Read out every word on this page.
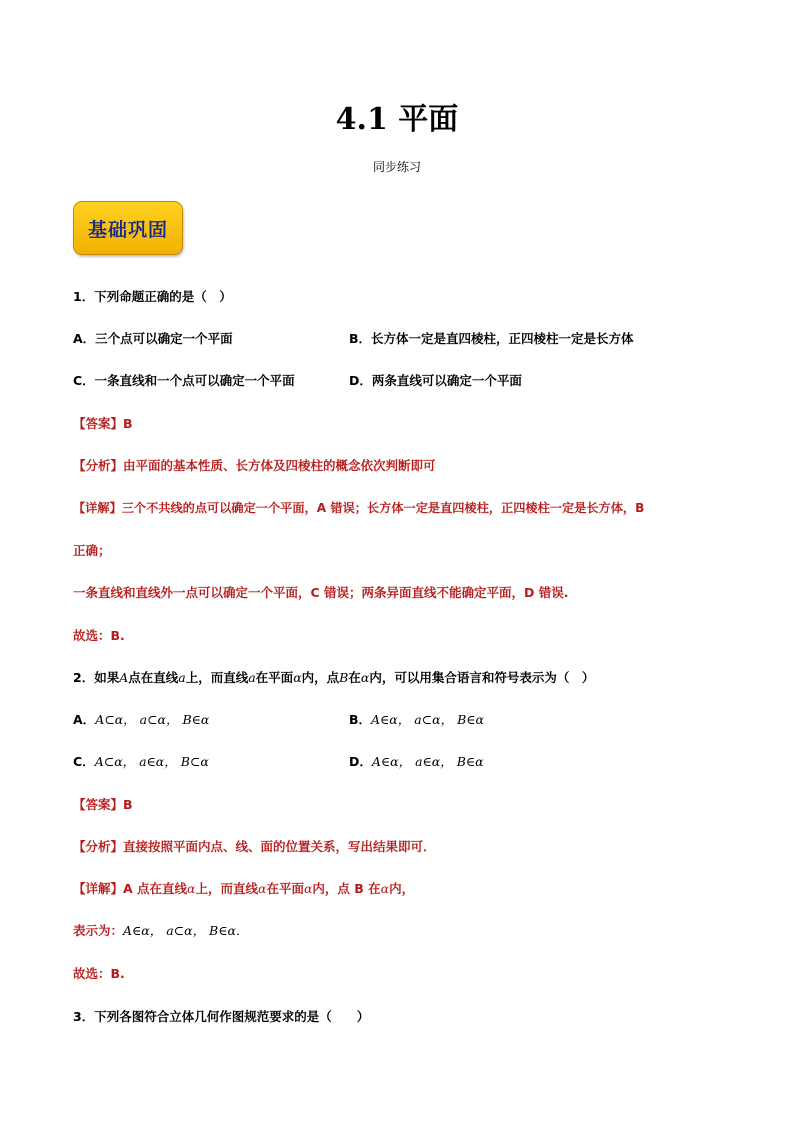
4.1 平面
同步练习
基础巩固
1．下列命题正确的是（　）
A．三个点可以确定一个平面	B．长方体一定是直四棱柱，正四棱柱一定是长方体
C．一条直线和一个点可以确定一个平面	D．两条直线可以确定一个平面
【答案】B
【分析】由平面的基本性质、长方体及四棱柱的概念依次判断即可
【详解】三个不共线的点可以确定一个平面，A 错误；长方体一定是直四棱柱，正四棱柱一定是长方体，B
正确；
一条直线和直线外一点可以确定一个平面，C 错误；两条异面直线不能确定平面，D 错误.
故选：B.
2．如果A点在直线a上，而直线a在平面α内，点B在α内，可以用集合语言和符号表示为（　）
A．A⊂α， a⊂α， B∈α	B．A∈α， a⊂α， B∈α
C．A⊂α， a∈α， B⊂α	D．A∈α， a∈α， B∈α
【答案】B
【分析】直接按照平面内点、线、面的位置关系，写出结果即可．
【详解】A 点在直线α上，而直线α在平面α内，点 B 在α内，
表示为：A∈α， a⊂α， B∈α．
故选：B.
3．下列各图符合立体几何作图规范要求的是（　　）
